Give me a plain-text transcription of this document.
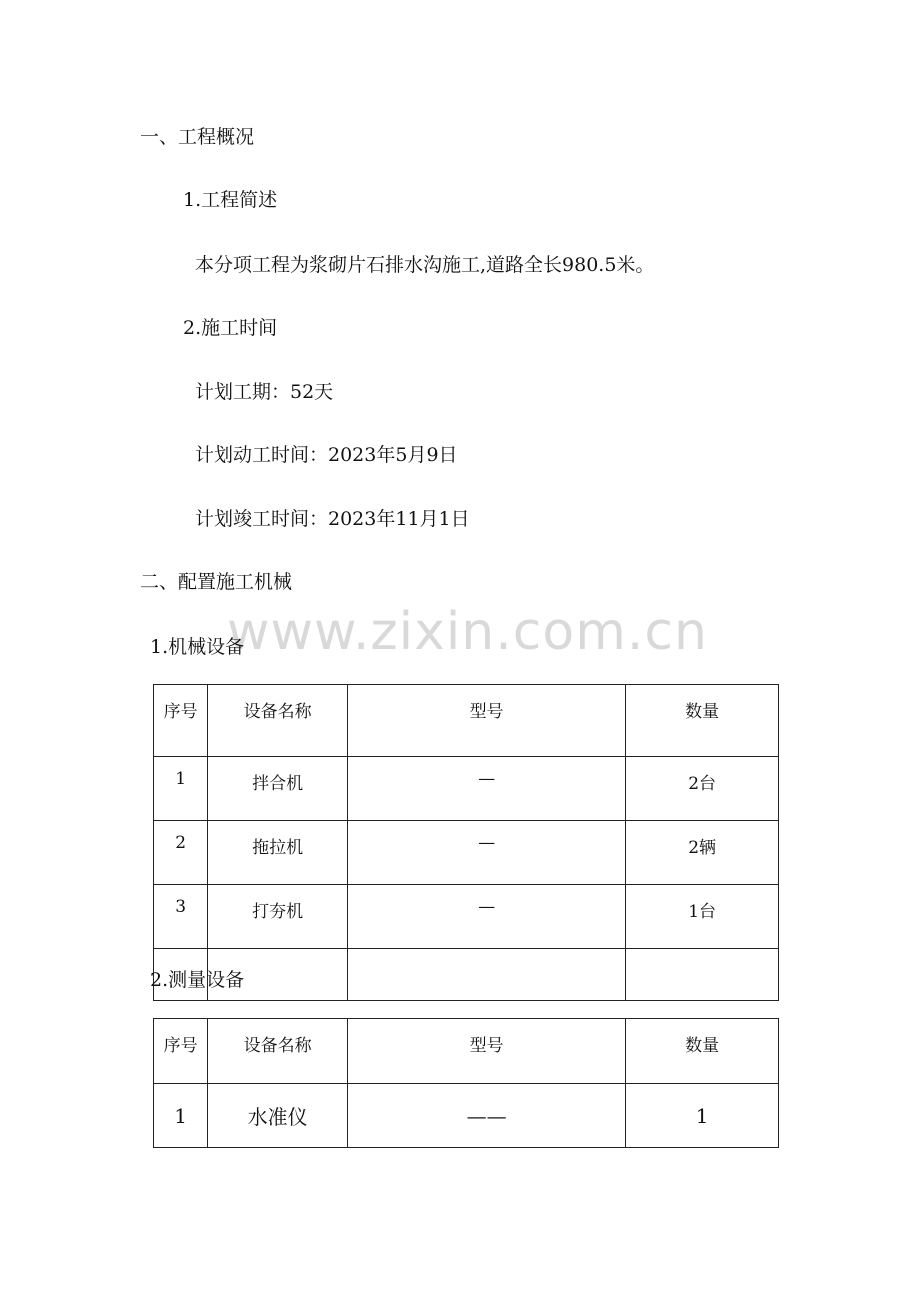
www.zixin.com.cn
一、工程概况
1.工程简述
本分项工程为浆砌片石排水沟施工,道路全长980.5米。
2.施工时间
计划工期：52天
计划动工时间：2023年5月9日
计划竣工时间：2023年11月1日
二、配置施工机械
1.机械设备
序号	设备名称	型号	数量
1	拌合机	—	2台
2	拖拉机	—	2辆
3	打夯机	—	1台

2.测量设备
序号	设备名称	型号	数量
1	水准仪	——	1
